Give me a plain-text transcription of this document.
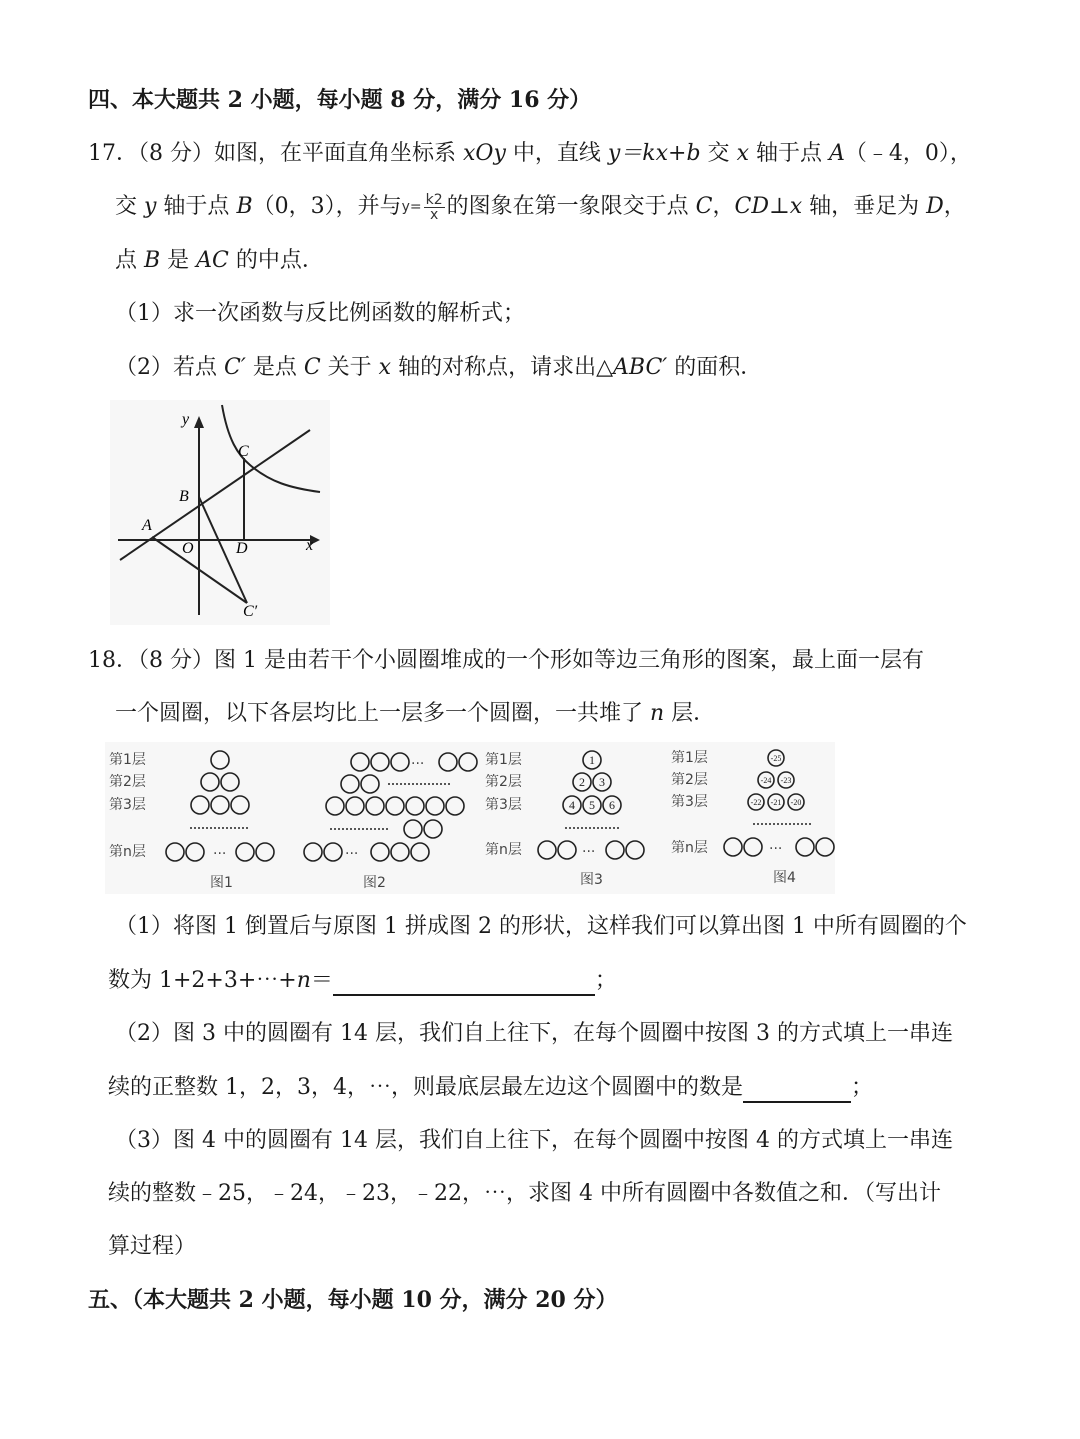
四、本大题共 2 小题，每小题 8 分，满分 16 分）
17．（8 分）如图，在平面直角坐标系 xOy 中，直线 y＝kx+b 交 x 轴于点 A（﹣4，0），
交 y 轴于点 B（0，3），并与$y= \frac{k2}{x}$ 的图象在第一象限交于点 C，CD⊥x 轴，垂足为 D，
点 B 是 AC 的中点．
（1）求一次函数与反比例函数的解析式；
（2）若点 C′ 是点 C 关于 x 轴的对称点，请求出△ABC′ 的面积．
y
x
A
B
C
D
O
C′
18．（8 分）图 1 是由若干个小圆圈堆成的一个形如等边三角形的图案，最上面一层有
一个圆圈，以下各层均比上一层多一个圆圈，一共堆了 n 层．
第1层
第2层
第3层
第n层	···
图1
···
···
图2
第1层
第2层
第3层
第n层	···
图3
第1层
第2层
第3层
第n层	···
图4
1
2 3
4 5 6
-25
-24 -23
-22 -21 -20
（1）将图 1 倒置后与原图 1 拼成图 2 的形状，这样我们可以算出图 1 中所有圆圈的个
数为 1+2+3+⋯+n＝	；
（2）图 3 中的圆圈有 14 层，我们自上往下，在每个圆圈中按图 3 的方式填上一串连
续的正整数 1，2，3，4，⋯，则最底层最左边这个圆圈中的数是	；
（3）图 4 中的圆圈有 14 层，我们自上往下，在每个圆圈中按图 4 的方式填上一串连
续的整数﹣25，﹣24，﹣23，﹣22，⋯，求图 4 中所有圆圈中各数值之和．（写出计
算过程）
五、（本大题共 2 小题，每小题 10 分，满分 20 分）
